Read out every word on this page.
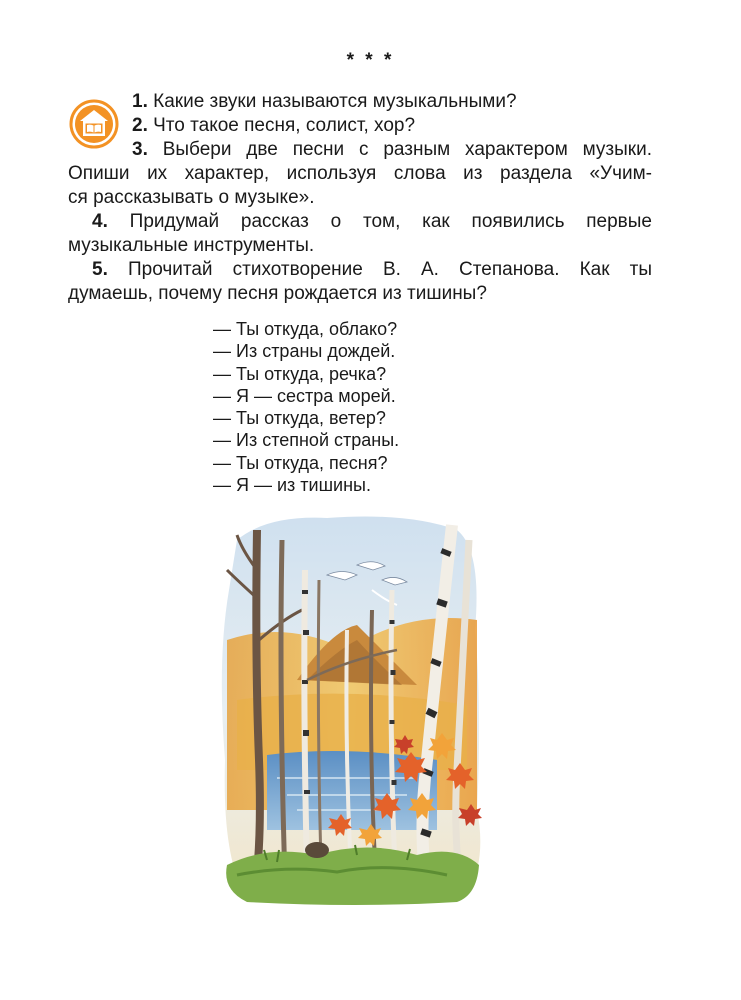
* * *

1. Какие звуки называются музыкальными?

2. Что такое песня, солист, хор?

3. Выбери две песни с разным характером музыки.
Опиши их характер, используя слова из раздела «Учим-
ся рассказывать о музыке».
4. Придумай рассказ о том, как появились первые
музыкальные инструменты.
5. Прочитай стихотворение В. А. Степанова. Как ты
думаешь, почему песня рождается из тишины?
— Ты откуда, облако?
— Из страны дождей.
— Ты откуда, речка?
— Я — сестра морей.
— Ты откуда, ветер?
— Из степной страны.
— Ты откуда, песня?
— Я — из тишины.
